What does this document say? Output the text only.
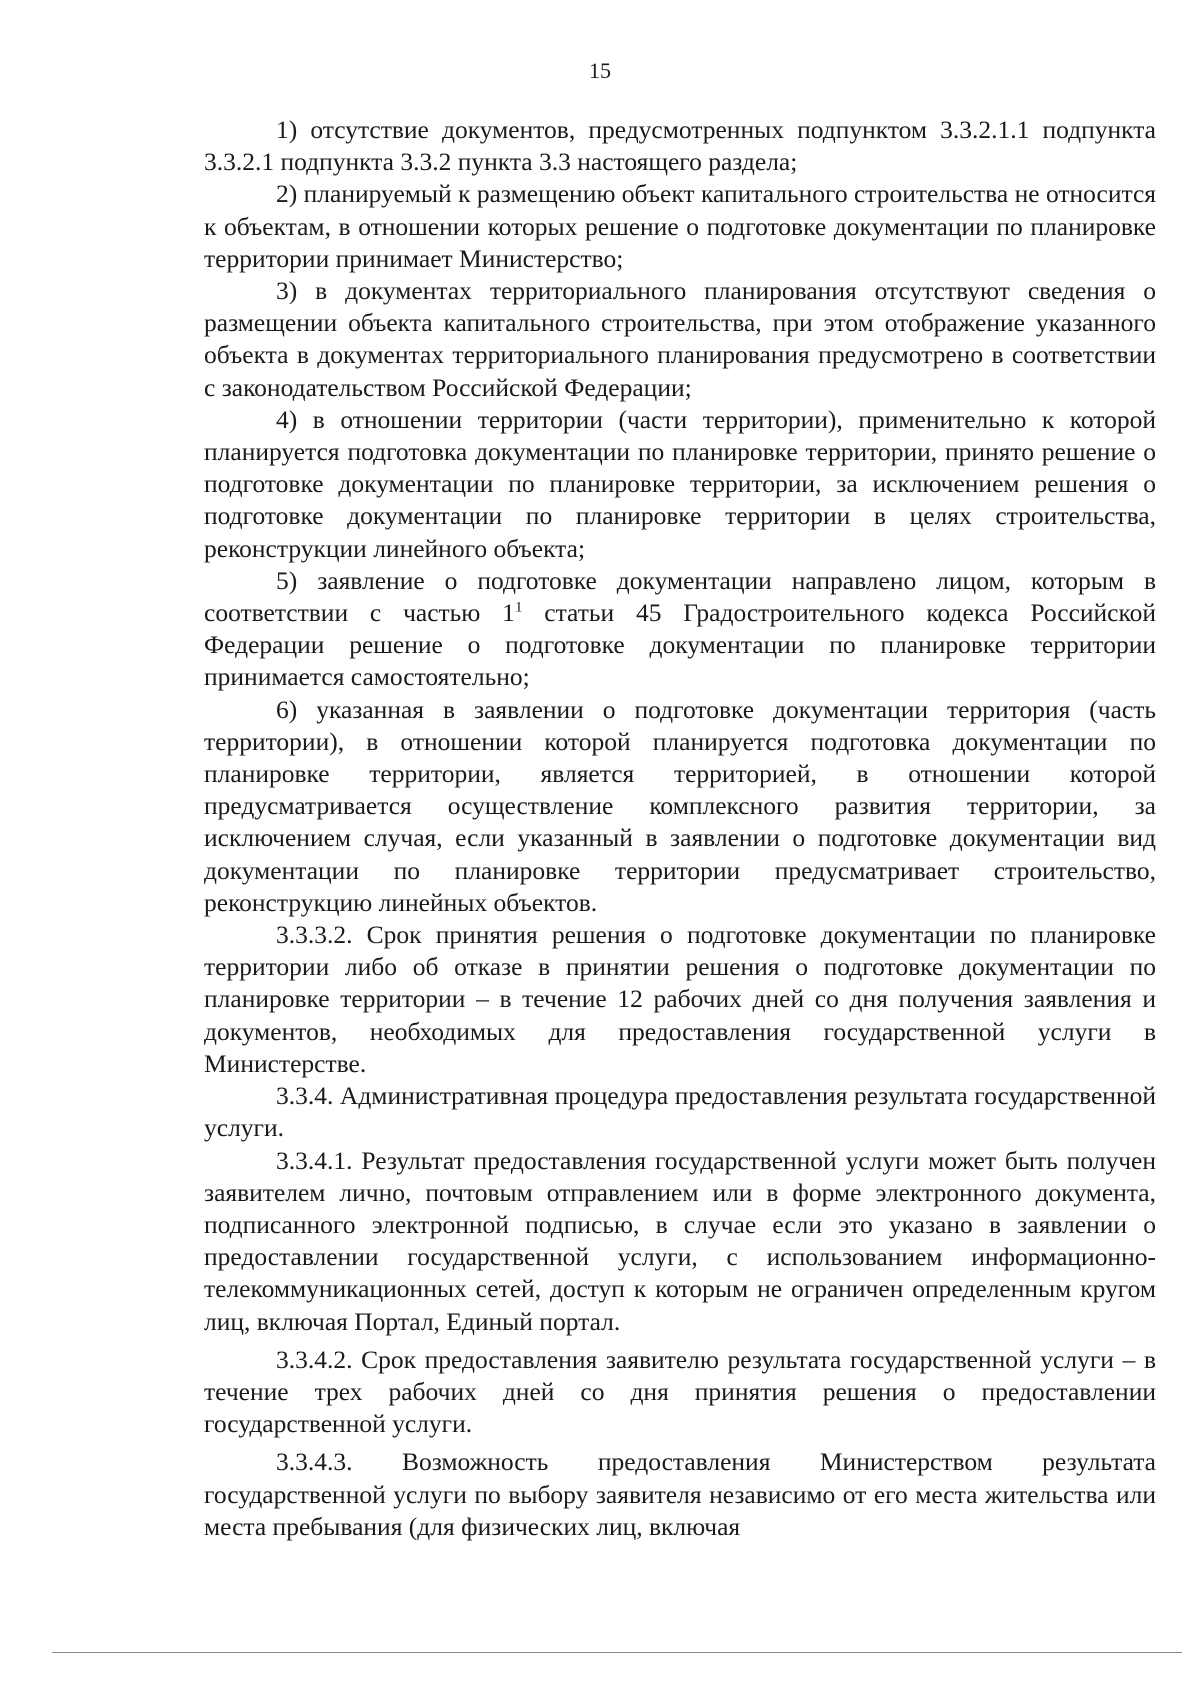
15

1) отсутствие документов, предусмотренных подпунктом 3.3.2.1.1 подпункта 3.3.2.1 подпункта 3.3.2 пункта 3.3 настоящего раздела;

2) планируемый к размещению объект капитального строительства не относится к объектам, в отношении которых решение о подготовке документации по планировке территории принимает Министерство;

3) в документах территориального планирования отсутствуют сведения о размещении объекта капитального строительства, при этом отображение указанного объекта в документах территориального планирования предусмотрено в соответствии с законодательством Российской Федерации;

4) в отношении территории (части территории), применительно к которой планируется подготовка документации по планировке территории, принято решение о подготовке документации по планировке территории, за исключением решения о подготовке документации по планировке территории в целях строительства, реконструкции линейного объекта;

5) заявление о подготовке документации направлено лицом, которым в соответствии с частью $1^1$ статьи 45 Градостроительного кодекса Российской Федерации решение о подготовке документации по планировке территории принимается самостоятельно;

6) указанная в заявлении о подготовке документации территория (часть территории), в отношении которой планируется подготовка документации по планировке территории, является территорией, в отношении которой предусматривается осуществление комплексного развития территории, за исключением случая, если указанный в заявлении о подготовке документации вид документации по планировке территории предусматривает строительство, реконструкцию линейных объектов.

3.3.3.2. Срок принятия решения о подготовке документации по планировке территории либо об отказе в принятии решения о подготовке документации по планировке территории – в течение 12 рабочих дней со дня получения заявления и документов, необходимых для предоставления государственной услуги в Министерстве.

3.3.4. Административная процедура предоставления результата государственной услуги.

3.3.4.1. Результат предоставления государственной услуги может быть получен заявителем лично, почтовым отправлением или в форме электронного документа, подписанного электронной подписью, в случае если это указано в заявлении о предоставлении государственной услуги, с использованием информационно-телекоммуникационных сетей, доступ к которым не ограничен определенным кругом лиц, включая Портал, Единый портал.

3.3.4.2. Срок предоставления заявителю результата государственной услуги – в течение трех рабочих дней со дня принятия решения о предоставлении государственной услуги.

3.3.4.3. Возможность предоставления Министерством результата государственной услуги по выбору заявителя независимо от его места жительства или места пребывания (для физических лиц, включая
